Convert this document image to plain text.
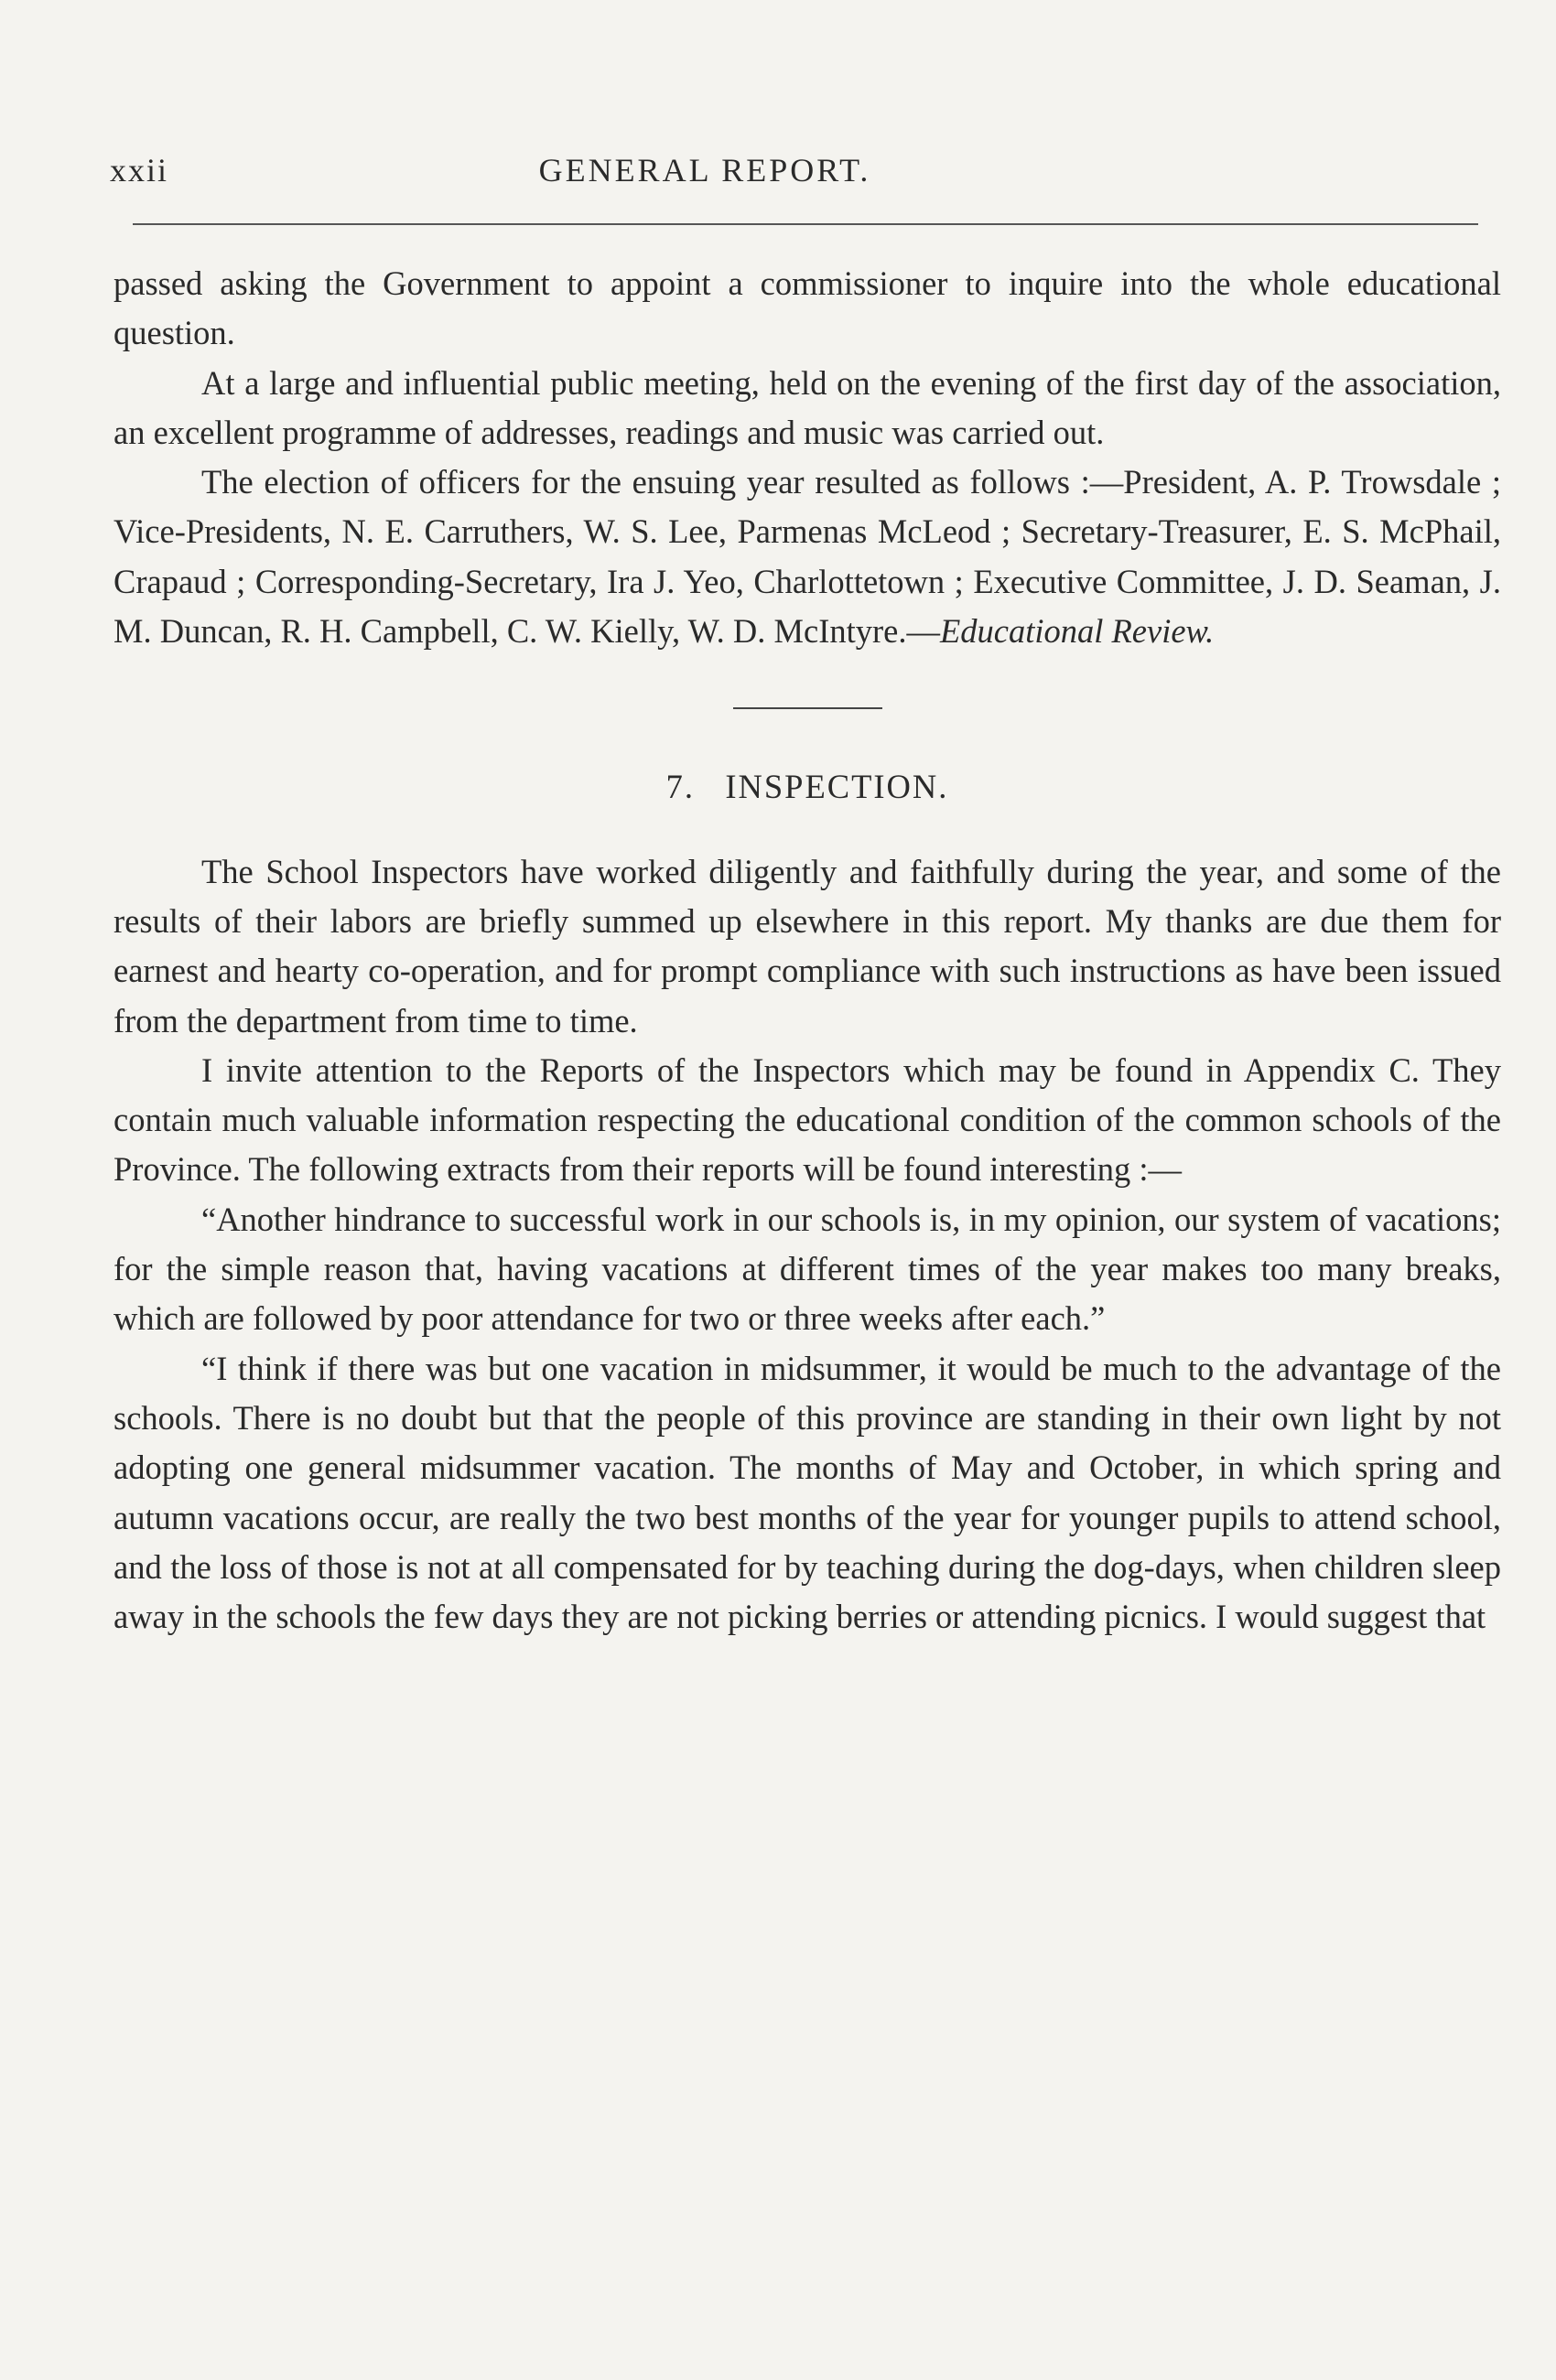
xxii	GENERAL REPORT.

passed asking the Government to appoint a commissioner to inquire into the whole educational question.

At a large and influential public meeting, held on the evening of the first day of the association, an excellent programme of addresses, readings and music was carried out.

The election of officers for the ensuing year resulted as follows :—President, A. P. Trowsdale ; Vice-Presidents, N. E. Carruthers, W. S. Lee, Parmenas McLeod ; Secretary-Treasurer, E. S. McPhail, Crapaud ; Corresponding-Secretary, Ira J. Yeo, Charlottetown ; Executive Committee, J. D. Seaman, J. M. Duncan, R. H. Campbell, C. W. Kielly, W. D. McIntyre.—Educational Review.

7. INSPECTION.

The School Inspectors have worked diligently and faithfully during the year, and some of the results of their labors are briefly summed up elsewhere in this report. My thanks are due them for earnest and hearty co-operation, and for prompt compliance with such instructions as have been issued from the department from time to time.

I invite attention to the Reports of the Inspectors which may be found in Appendix C. They contain much valuable information respecting the educational condition of the common schools of the Province. The following extracts from their reports will be found interesting :—

“Another hindrance to successful work in our schools is, in my opinion, our system of vacations; for the simple reason that, having vacations at different times of the year makes too many breaks, which are followed by poor attendance for two or three weeks after each.”

“I think if there was but one vacation in midsummer, it would be much to the advantage of the schools. There is no doubt but that the people of this province are standing in their own light by not adopting one general midsummer vacation. The months of May and October, in which spring and autumn vacations occur, are really the two best months of the year for younger pupils to attend school, and the loss of those is not at all compensated for by teaching during the dog-days, when children sleep away in the schools the few days they are not picking berries or attending picnics. I would suggest that
